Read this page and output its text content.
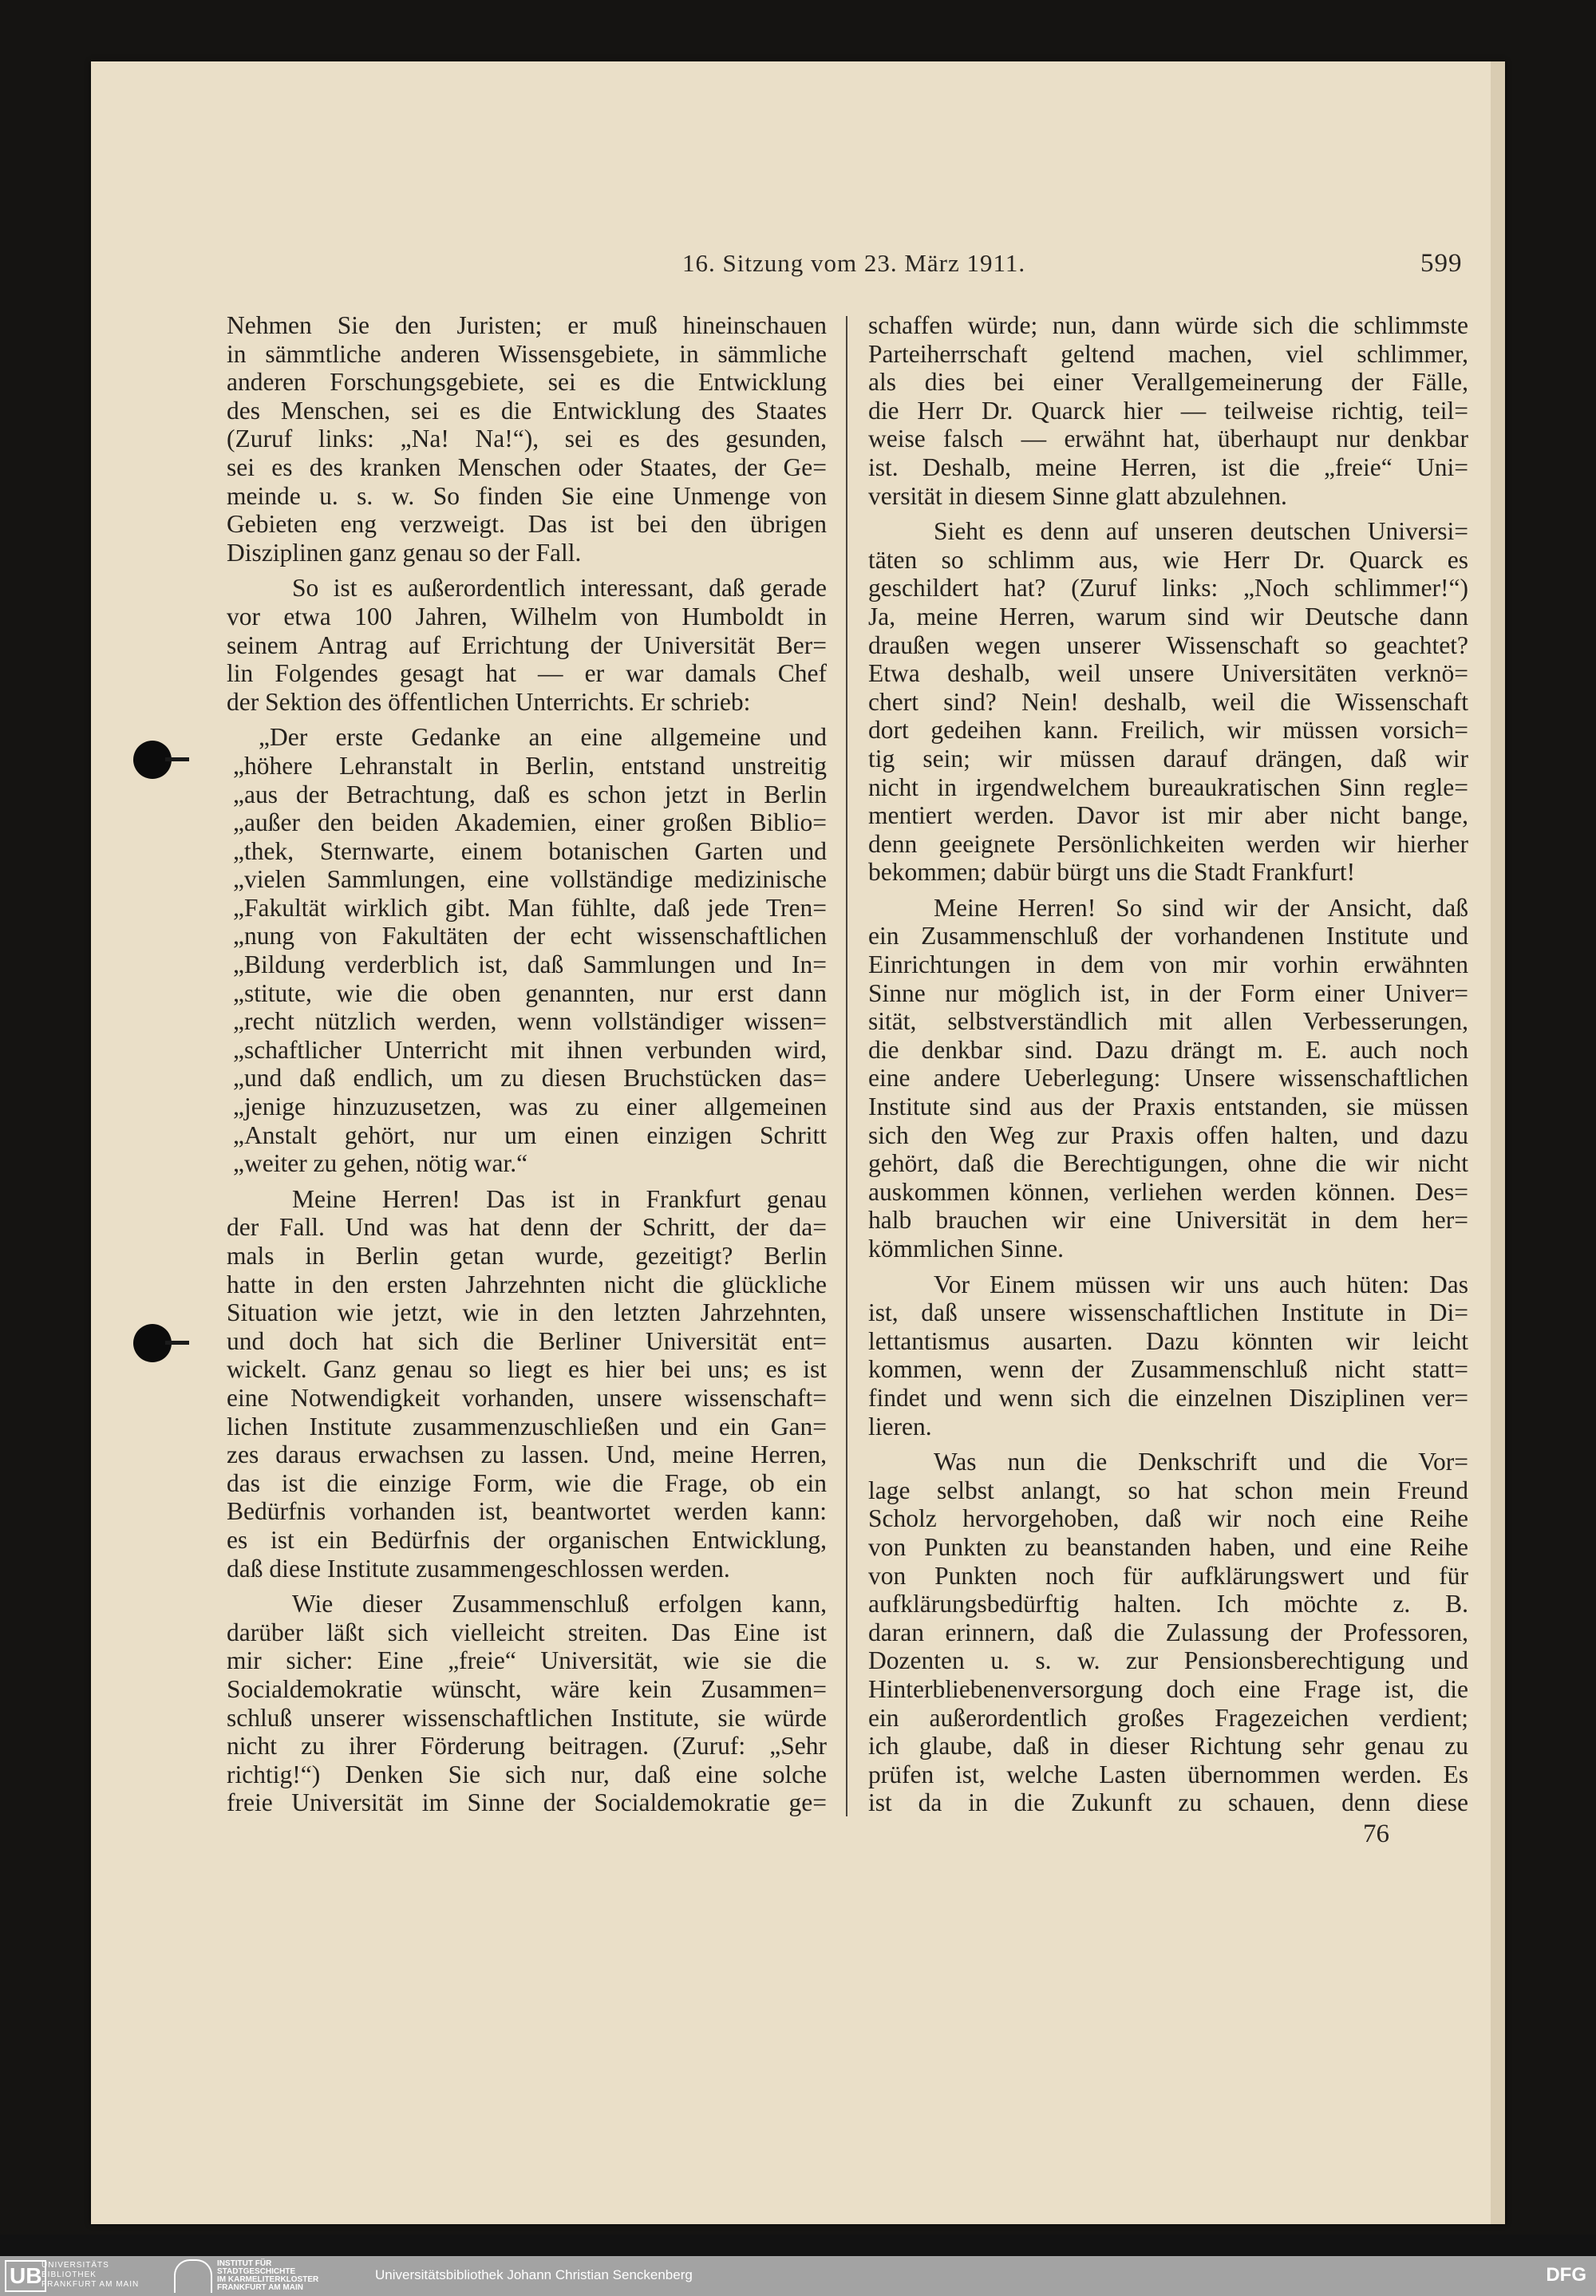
16. Sitzung vom 23. März 1911.	599
Nehmen Sie den Juristen; er muß hineinschauen
in sämmtliche anderen Wissensgebiete, in sämmliche
anderen Forschungsgebiete, sei es die Entwicklung
des Menschen, sei es die Entwicklung des Staates
(Zuruf links: „Na! Na!“), sei es des gesunden,
sei es des kranken Menschen oder Staates, der Ge=
meinde u. s. w. So finden Sie eine Unmenge von
Gebieten eng verzweigt. Das ist bei den übrigen
Disziplinen ganz genau so der Fall.
So ist es außerordentlich interessant, daß gerade
vor etwa 100 Jahren, Wilhelm von Humboldt in
seinem Antrag auf Errichtung der Universität Ber=
lin Folgendes gesagt hat — er war damals Chef
der Sektion des öffentlichen Unterrichts. Er schrieb:
„Der erste Gedanke an eine allgemeine und
„höhere Lehranstalt in Berlin, entstand unstreitig
„aus der Betrachtung, daß es schon jetzt in Berlin
„außer den beiden Akademien, einer großen Biblio=
„thek, Sternwarte, einem botanischen Garten und
„vielen Sammlungen, eine vollständige medizinische
„Fakultät wirklich gibt. Man fühlte, daß jede Tren=
„nung von Fakultäten der echt wissenschaftlichen
„Bildung verderblich ist, daß Sammlungen und In=
„stitute, wie die oben genannten, nur erst dann
„recht nützlich werden, wenn vollständiger wissen=
„schaftlicher Unterricht mit ihnen verbunden wird,
„und daß endlich, um zu diesen Bruchstücken das=
„jenige hinzuzusetzen, was zu einer allgemeinen
„Anstalt gehört, nur um einen einzigen Schritt
„weiter zu gehen, nötig war.“
Meine Herren! Das ist in Frankfurt genau
der Fall. Und was hat denn der Schritt, der da=
mals in Berlin getan wurde, gezeitigt? Berlin
hatte in den ersten Jahrzehnten nicht die glückliche
Situation wie jetzt, wie in den letzten Jahrzehnten,
und doch hat sich die Berliner Universität ent=
wickelt. Ganz genau so liegt es hier bei uns; es ist
eine Notwendigkeit vorhanden, unsere wissenschaft=
lichen Institute zusammenzuschließen und ein Gan=
zes daraus erwachsen zu lassen. Und, meine Herren,
das ist die einzige Form, wie die Frage, ob ein
Bedürfnis vorhanden ist, beantwortet werden kann:
es ist ein Bedürfnis der organischen Entwicklung,
daß diese Institute zusammengeschlossen werden.
Wie dieser Zusammenschluß erfolgen kann,
darüber läßt sich vielleicht streiten. Das Eine ist
mir sicher: Eine „freie“ Universität, wie sie die
Socialdemokratie wünscht, wäre kein Zusammen=
schluß unserer wissenschaftlichen Institute, sie würde
nicht zu ihrer Förderung beitragen. (Zuruf: „Sehr
richtig!“) Denken Sie sich nur, daß eine solche
freie Universität im Sinne der Socialdemokratie ge=
schaffen würde; nun, dann würde sich die schlimmste
Parteiherrschaft geltend machen, viel schlimmer,
als dies bei einer Verallgemeinerung der Fälle,
die Herr Dr. Quarck hier — teilweise richtig, teil=
weise falsch — erwähnt hat, überhaupt nur denkbar
ist. Deshalb, meine Herren, ist die „freie“ Uni=
versität in diesem Sinne glatt abzulehnen.
Sieht es denn auf unseren deutschen Universi=
täten so schlimm aus, wie Herr Dr. Quarck es
geschildert hat? (Zuruf links: „Noch schlimmer!“)
Ja, meine Herren, warum sind wir Deutsche dann
draußen wegen unserer Wissenschaft so geachtet?
Etwa deshalb, weil unsere Universitäten verknö=
chert sind? Nein! deshalb, weil die Wissenschaft
dort gedeihen kann. Freilich, wir müssen vorsich=
tig sein; wir müssen darauf drängen, daß wir
nicht in irgendwelchem bureaukratischen Sinn regle=
mentiert werden. Davor ist mir aber nicht bange,
denn geeignete Persönlichkeiten werden wir hierher
bekommen; dabür bürgt uns die Stadt Frankfurt!
Meine Herren! So sind wir der Ansicht, daß
ein Zusammenschluß der vorhandenen Institute und
Einrichtungen in dem von mir vorhin erwähnten
Sinne nur möglich ist, in der Form einer Univer=
sität, selbstverständlich mit allen Verbesserungen,
die denkbar sind. Dazu drängt m. E. auch noch
eine andere Ueberlegung: Unsere wissenschaftlichen
Institute sind aus der Praxis entstanden, sie müssen
sich den Weg zur Praxis offen halten, und dazu
gehört, daß die Berechtigungen, ohne die wir nicht
auskommen können, verliehen werden können. Des=
halb brauchen wir eine Universität in dem her=
kömmlichen Sinne.
Vor Einem müssen wir uns auch hüten: Das
ist, daß unsere wissenschaftlichen Institute in Di=
lettantismus ausarten. Dazu könnten wir leicht
kommen, wenn der Zusammenschluß nicht statt=
findet und wenn sich die einzelnen Disziplinen ver=
lieren.
Was nun die Denkschrift und die Vor=
lage selbst anlangt, so hat schon mein Freund
Scholz hervorgehoben, daß wir noch eine Reihe
von Punkten zu beanstanden haben, und eine Reihe
von Punkten noch für aufklärungswert und für
aufklärungsbedürftig halten. Ich möchte z. B.
daran erinnern, daß die Zulassung der Professoren,
Dozenten u. s. w. zur Pensionsberechtigung und
Hinterbliebenenversorgung doch eine Frage ist, die
ein außerordentlich großes Fragezeichen verdient;
ich glaube, daß in dieser Richtung sehr genau zu
prüfen ist, welche Lasten übernommen werden. Es
ist da in die Zukunft zu schauen, denn diese
76
UB UNIVERSITÄTS
BIBLIOTHEK
FRANKFURT AM MAIN
INSTITUT FÜR
STADTGESCHICHTE
IM KARMELITERKLOSTER
FRANKFURT AM MAIN
Universitätsbibliothek Johann Christian Senckenberg	DFG
